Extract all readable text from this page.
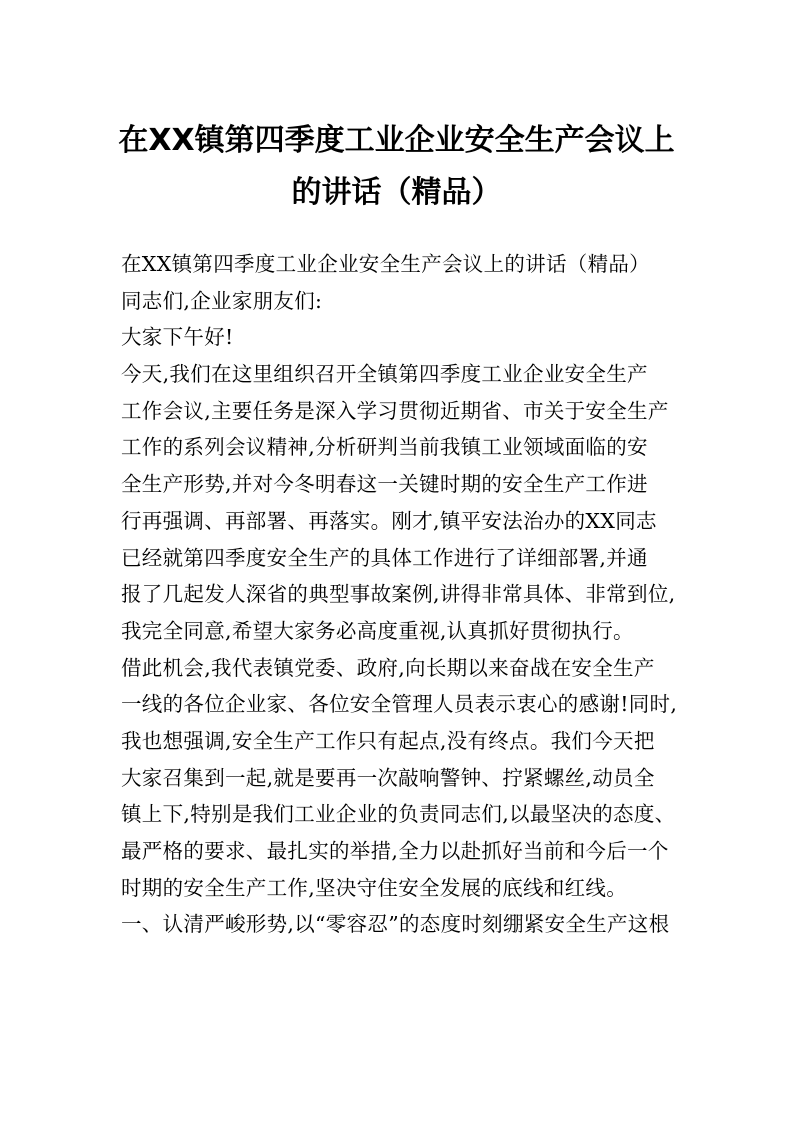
在XX镇第四季度工业企业安全生产会议上
的讲话（精品）
在XX镇第四季度工业企业安全生产会议上的讲话（精品）
同志们,企业家朋友们:
大家下午好!
今天,我们在这里组织召开全镇第四季度工业企业安全生产
工作会议,主要任务是深入学习贯彻近期省、市关于安全生产
工作的系列会议精神,分析研判当前我镇工业领域面临的安
全生产形势,并对今冬明春这一关键时期的安全生产工作进
行再强调、再部署、再落实。刚才,镇平安法治办的XX同志
已经就第四季度安全生产的具体工作进行了详细部署,并通
报了几起发人深省的典型事故案例,讲得非常具体、非常到位,
我完全同意,希望大家务必高度重视,认真抓好贯彻执行。
借此机会,我代表镇党委、政府,向长期以来奋战在安全生产
一线的各位企业家、各位安全管理人员表示衷心的感谢!同时,
我也想强调,安全生产工作只有起点,没有终点。我们今天把
大家召集到一起,就是要再一次敲响警钟、拧紧螺丝,动员全
镇上下,特别是我们工业企业的负责同志们,以最坚决的态度、
最严格的要求、最扎实的举措,全力以赴抓好当前和今后一个
时期的安全生产工作,坚决守住安全发展的底线和红线。
一、认清严峻形势,以“零容忍”的态度时刻绷紧安全生产这根
